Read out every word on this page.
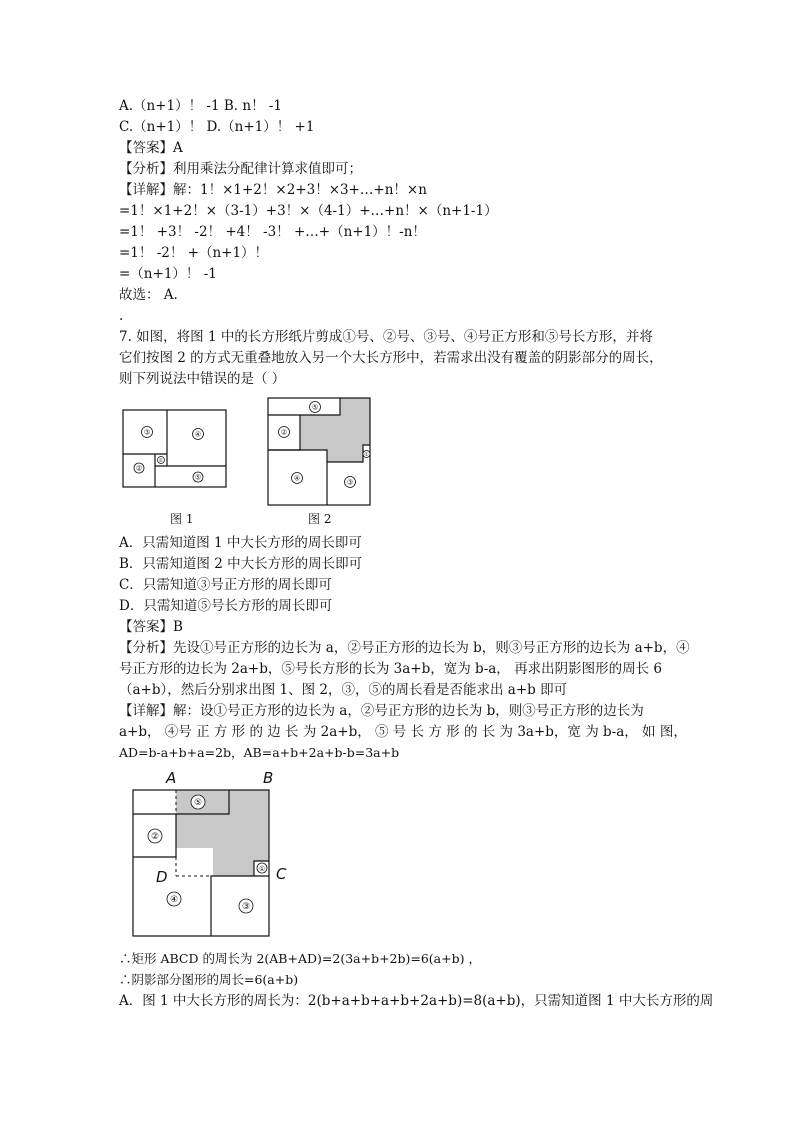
A.（n+1）！ -1 B. n！ -1
C.（n+1）！ D.（n+1）！ +1
【答案】A
【分析】利用乘法分配律计算求值即可；
【详解】解：1！×1+2！×2+3！×3+…+n！×n
=1！×1+2！×（3-1）+3！×（4-1）+…+n！×（n+1-1）
=1！ +3！ -2！ +4！ -3！ +…+（n+1）！-n！
=1！ -2！ +（n+1）！
=（n+1）！ -1
故选： A.
.
7. 如图，将图 1 中的长方形纸片剪成①号、②号、③号、④号正方形和⑤号长方形，并将
它们按图 2 的方式无重叠地放入另一个大长方形中，若需求出没有覆盖的阴影部分的周长，
则下列说法中错误的是（ ）
③	④
②
①
⑤
图 1
⑤
②
①
④	③
图 2
A．只需知道图 1 中大长方形的周长即可
B．只需知道图 2 中大长方形的周长即可
C．只需知道③号正方形的周长即可
D．只需知道⑤号长方形的周长即可
【答案】B
【分析】先设①号正方形的边长为 a，②号正方形的边长为 b，则③号正方形的边长为 a+b，④
号正方形的边长为 2a+b，⑤号长方形的长为 3a+b，宽为 b-a， 再求出阴影图形的周长 6
（a+b），然后分别求出图 1、图 2，③，⑤的周长看是否能求出 a+b 即可
【详解】解：设①号正方形的边长为 a，②号正方形的边长为 b，则③号正方形的边长为
a+b， ④号 正 方 形 的 边 长 为 2a+b， ⑤ 号 长 方 形 的 长 为 3a+b，宽 为 b-a， 如 图，
AD=b-a+b+a=2b，AB=a+b+2a+b-b=3a+b
⑤
②
①
④
③
A	B
C
D
∴矩形 ABCD 的周长为 2(AB+AD)=2(3a+b+2b)=6(a+b) ，
∴阴影部分图形的周长=6(a+b)
A．图 1 中大长方形的周长为：2(b+a+b+a+b+2a+b)=8(a+b)，只需知道图 1 中大长方形的周
